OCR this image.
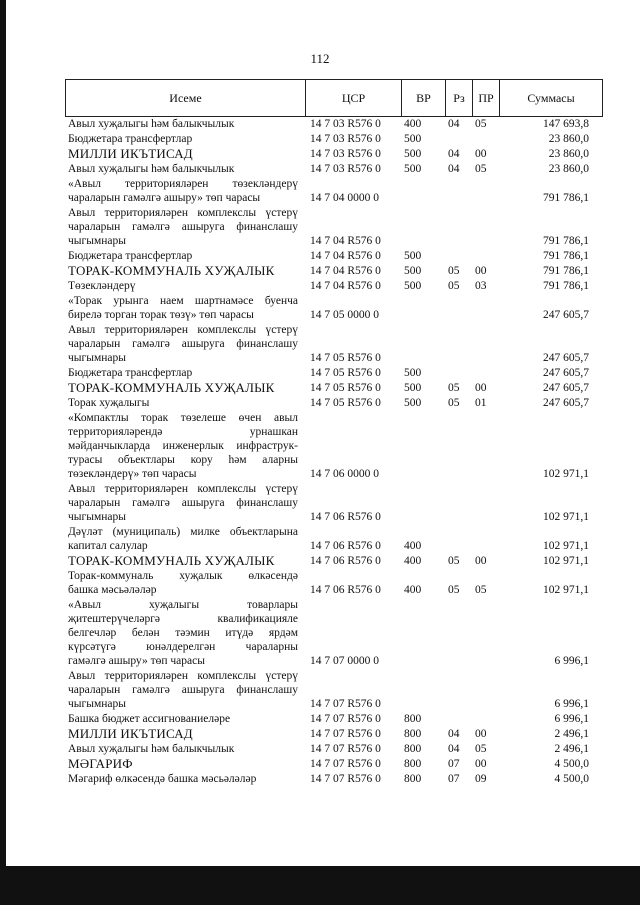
112
Исеме	ЦСР	ВР	Рз	ПР	Суммасы
Авыл хуҗалыгы һәм балыкчылык	14 7 03 R576 0 400 04 05	147 693,8
Бюджетара трансфертлар	14 7 03 R576 0 500	23 860,0
МИЛЛИ ИКЪТИСАД	14 7 03 R576 0 500 04 00	23 860,0
Авыл хуҗалыгы һәм балыкчылык	14 7 03 R576 0 500 04 05	23 860,0
«Авыл территорияләрен төзекләндерү
чараларын гамәлгә ашыру» төп чарасы	14 7 04 0000 0	791 786,1
Авыл территорияләрен комплекслы үстерү
чараларын гамәлгә ашыруга финанслашу
чыгымнары	14 7 04 R576 0	791 786,1
Бюджетара трансфертлар	14 7 04 R576 0 500	791 786,1
ТОРАК-КОММУНАЛЬ ХУҖАЛЫК	14 7 04 R576 0 500 05 00	791 786,1
Төзекләндерү	14 7 04 R576 0 500 05 03	791 786,1
«Торак урынга наем шартнамәсе буенча
бирелә торган торак төзү» төп чарасы	14 7 05 0000 0	247 605,7
Авыл территорияләрен комплекслы үстерү
чараларын гамәлгә ашыруга финанслашу
чыгымнары	14 7 05 R576 0	247 605,7
Бюджетара трансфертлар	14 7 05 R576 0 500	247 605,7
ТОРАК-КОММУНАЛЬ ХУҖАЛЫК	14 7 05 R576 0 500 05 00	247 605,7
Торак хуҗалыгы	14 7 05 R576 0 500 05 01	247 605,7
«Компактлы торак төзелеше өчен авыл
территорияләрендә урнашкан
мәйданчыкларда инженерлык инфраструк-
турасы объектлары кору һәм аларны
төзекләндерү» төп чарасы	14 7 06 0000 0	102 971,1
Авыл территорияләрен комплекслы үстерү
чараларын гамәлгә ашыруга финанслашу
чыгымнары	14 7 06 R576 0	102 971,1
Дәүләт (муниципаль) милке объектларына
капитал салулар	14 7 06 R576 0 400	102 971,1
ТОРАК-КОММУНАЛЬ ХУҖАЛЫК	14 7 06 R576 0 400 05 00	102 971,1
Торак-коммуналь хуҗалык өлкәсендә
башка мәсьәләләр	14 7 06 R576 0 400 05 05	102 971,1
«Авыл хуҗалыгы товарлары
җитештерүчеләргә квалификацияле
белгечләр белән тәэмин итүдә ярдәм
күрсәтүгә юнәлдерелгән чараларны
гамәлгә ашыру» төп чарасы	14 7 07 0000 0	6 996,1
Авыл территорияләрен комплекслы үстерү
чараларын гамәлгә ашыруга финанслашу
чыгымнары	14 7 07 R576 0	6 996,1
Башка бюджет ассигнованиеләре	14 7 07 R576 0 800	6 996,1
МИЛЛИ ИКЪТИСАД	14 7 07 R576 0 800 04 00	2 496,1
Авыл хуҗалыгы һәм балыкчылык	14 7 07 R576 0 800 04 05	2 496,1
МӘГАРИФ	14 7 07 R576 0 800 07 00	4 500,0
Мәгариф өлкәсендә башка мәсьәләләр	14 7 07 R576 0 800 07 09	4 500,0
